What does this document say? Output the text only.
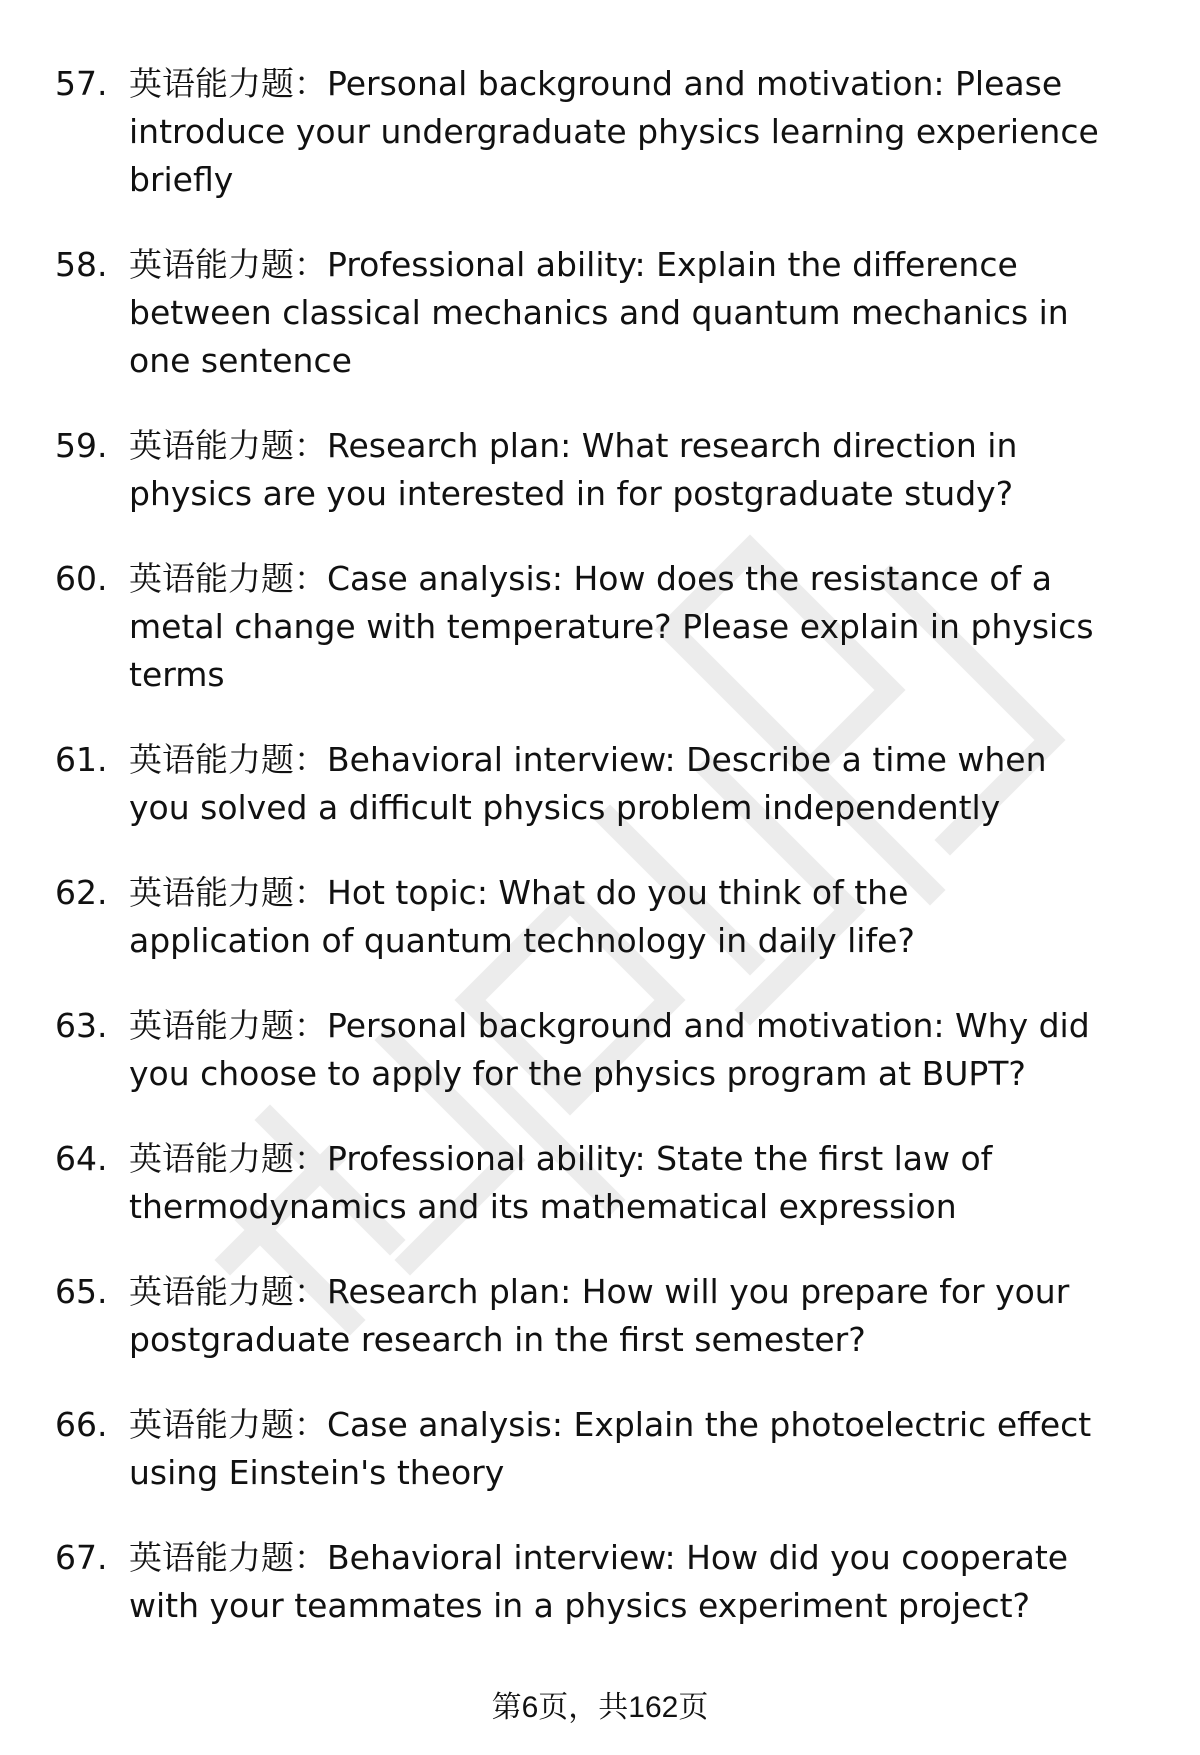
57. 英语能力题：Personal background and motivation: Please
introduce your undergraduate physics learning experience
briefly
58. 英语能力题：Professional ability: Explain the difference
between classical mechanics and quantum mechanics in
one sentence
59. 英语能力题：Research plan: What research direction in
physics are you interested in for postgraduate study?
60. 英语能力题：Case analysis: How does the resistance of a
metal change with temperature? Please explain in physics
terms
61. 英语能力题：Behavioral interview: Describe a time when
you solved a difficult physics problem independently
62. 英语能力题：Hot topic: What do you think of the
application of quantum technology in daily life?
63. 英语能力题：Personal background and motivation: Why did
you choose to apply for the physics program at BUPT?
64. 英语能力题：Professional ability: State the first law of
thermodynamics and its mathematical expression
65. 英语能力题：Research plan: How will you prepare for your
postgraduate research in the first semester?
66. 英语能力题：Case analysis: Explain the photoelectric effect
using Einstein's theory
67. 英语能力题：Behavioral interview: How did you cooperate
with your teammates in a physics experiment project?
第6页，共162页
